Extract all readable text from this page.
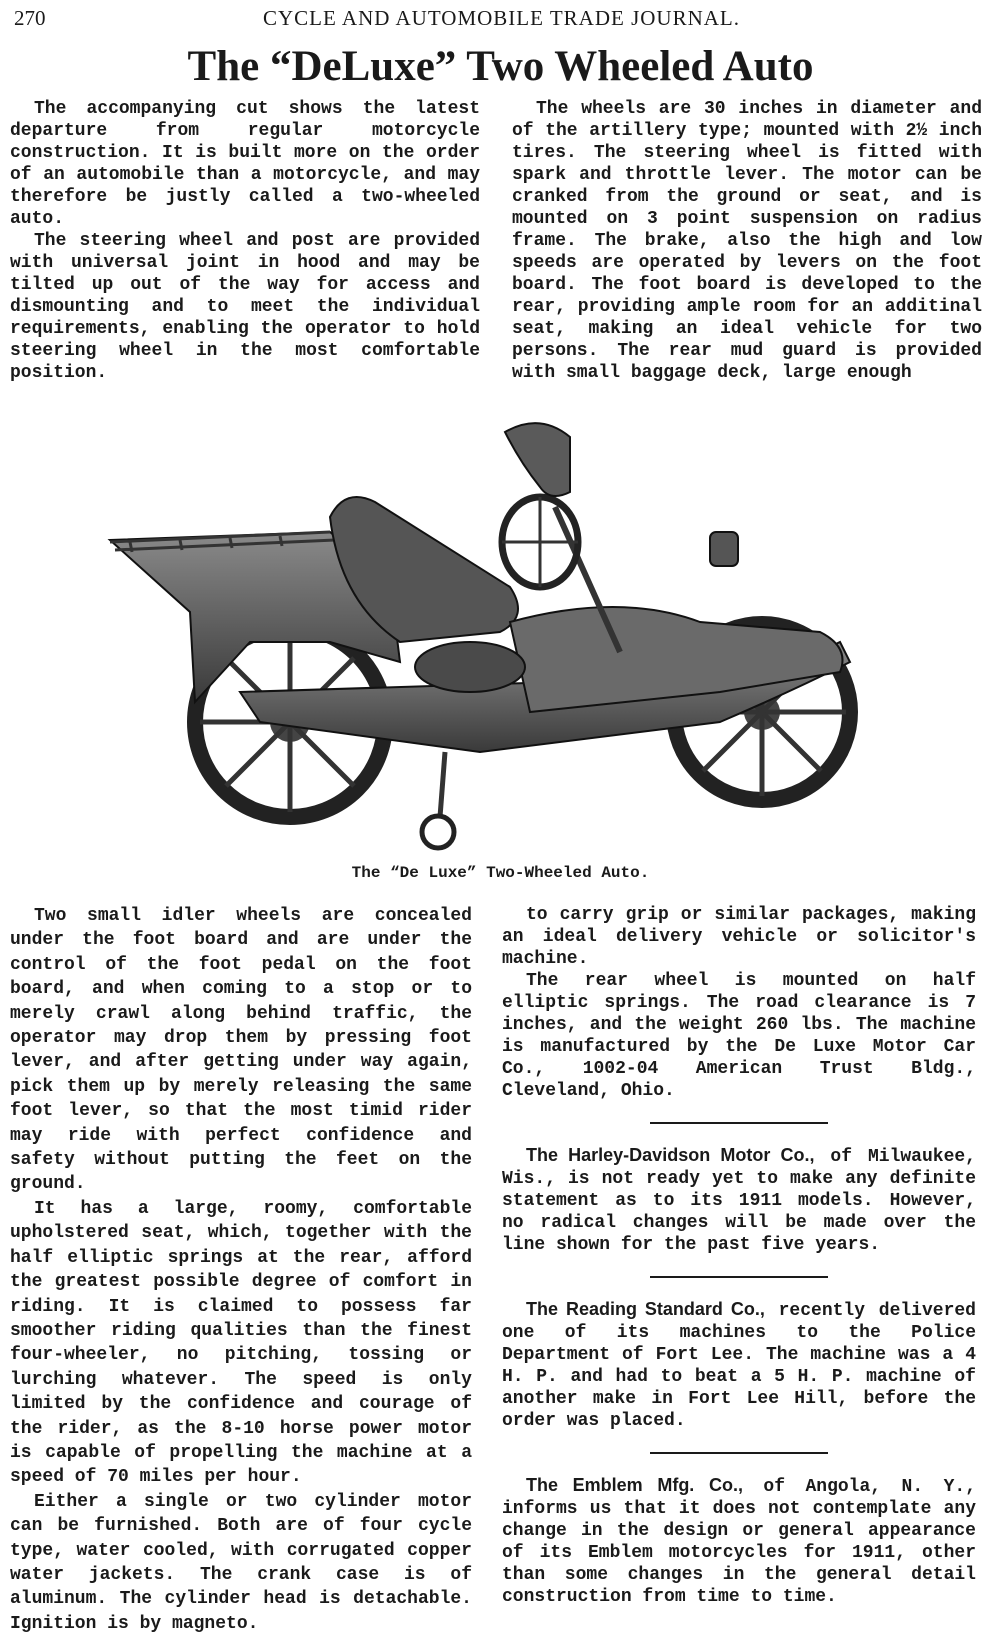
270	CYCLE AND AUTOMOBILE TRADE JOURNAL.
The “DeLuxe” Two Wheeled Auto

The accompanying cut shows the latest departure from regular motorcycle construction. It is built more on the order of an automobile than a motorcycle, and may therefore be justly called a two-wheeled auto.

The steering wheel and post are provided with universal joint in hood and may be tilted up out of the way for access and dismounting and to meet the individual requirements, enabling the operator to hold steering wheel in the most comfortable position.

The wheels are 30 inches in diameter and of the artillery type; mounted with 2½ inch tires. The steering wheel is fitted with spark and throttle lever. The motor can be cranked from the ground or seat, and is mounted on 3 point suspension on radius frame. The brake, also the high and low speeds are operated by levers on the foot board. The foot board is developed to the rear, providing ample room for an additinal seat, making an ideal vehicle for two persons. The rear mud guard is provided with small baggage deck, large enough

The “De Luxe” Two-Wheeled Auto.

Two small idler wheels are concealed under the foot board and are under the control of the foot pedal on the foot board, and when coming to a stop or to merely crawl along behind traffic, the operator may drop them by pressing foot lever, and after getting under way again, pick them up by merely releasing the same foot lever, so that the most timid rider may ride with perfect confidence and safety without putting the feet on the ground.

It has a large, roomy, comfortable upholstered seat, which, together with the half elliptic springs at the rear, afford the greatest possible degree of comfort in riding. It is claimed to possess far smoother riding qualities than the finest four-wheeler, no pitching, tossing or lurching whatever. The speed is only limited by the confidence and courage of the rider, as the 8-10 horse power motor is capable of propelling the machine at a speed of 70 miles per hour.

Either a single or two cylinder motor can be furnished. Both are of four cycle type, water cooled, with corrugated copper water jackets. The crank case is of aluminum. The cylinder head is detachable. Ignition is by magneto.

to carry grip or similar packages, making an ideal delivery vehicle or solicitor's machine.

The rear wheel is mounted on half elliptic springs. The road clearance is 7 inches, and the weight 260 lbs. The machine is manufactured by the De Luxe Motor Car Co., 1002-04 American Trust Bldg., Cleveland, Ohio.

The Harley-Davidson Motor Co., of Milwaukee, Wis., is not ready yet to make any definite statement as to its 1911 models. However, no radical changes will be made over the line shown for the past five years.

The Reading Standard Co., recently delivered one of its machines to the Police Department of Fort Lee. The machine was a 4 H. P. and had to beat a 5 H. P. machine of another make in Fort Lee Hill, before the order was placed.

The Emblem Mfg. Co., of Angola, N. Y., informs us that it does not contemplate any change in the design or general appearance of its Emblem motorcycles for 1911, other than some changes in the general detail construction from time to time.
